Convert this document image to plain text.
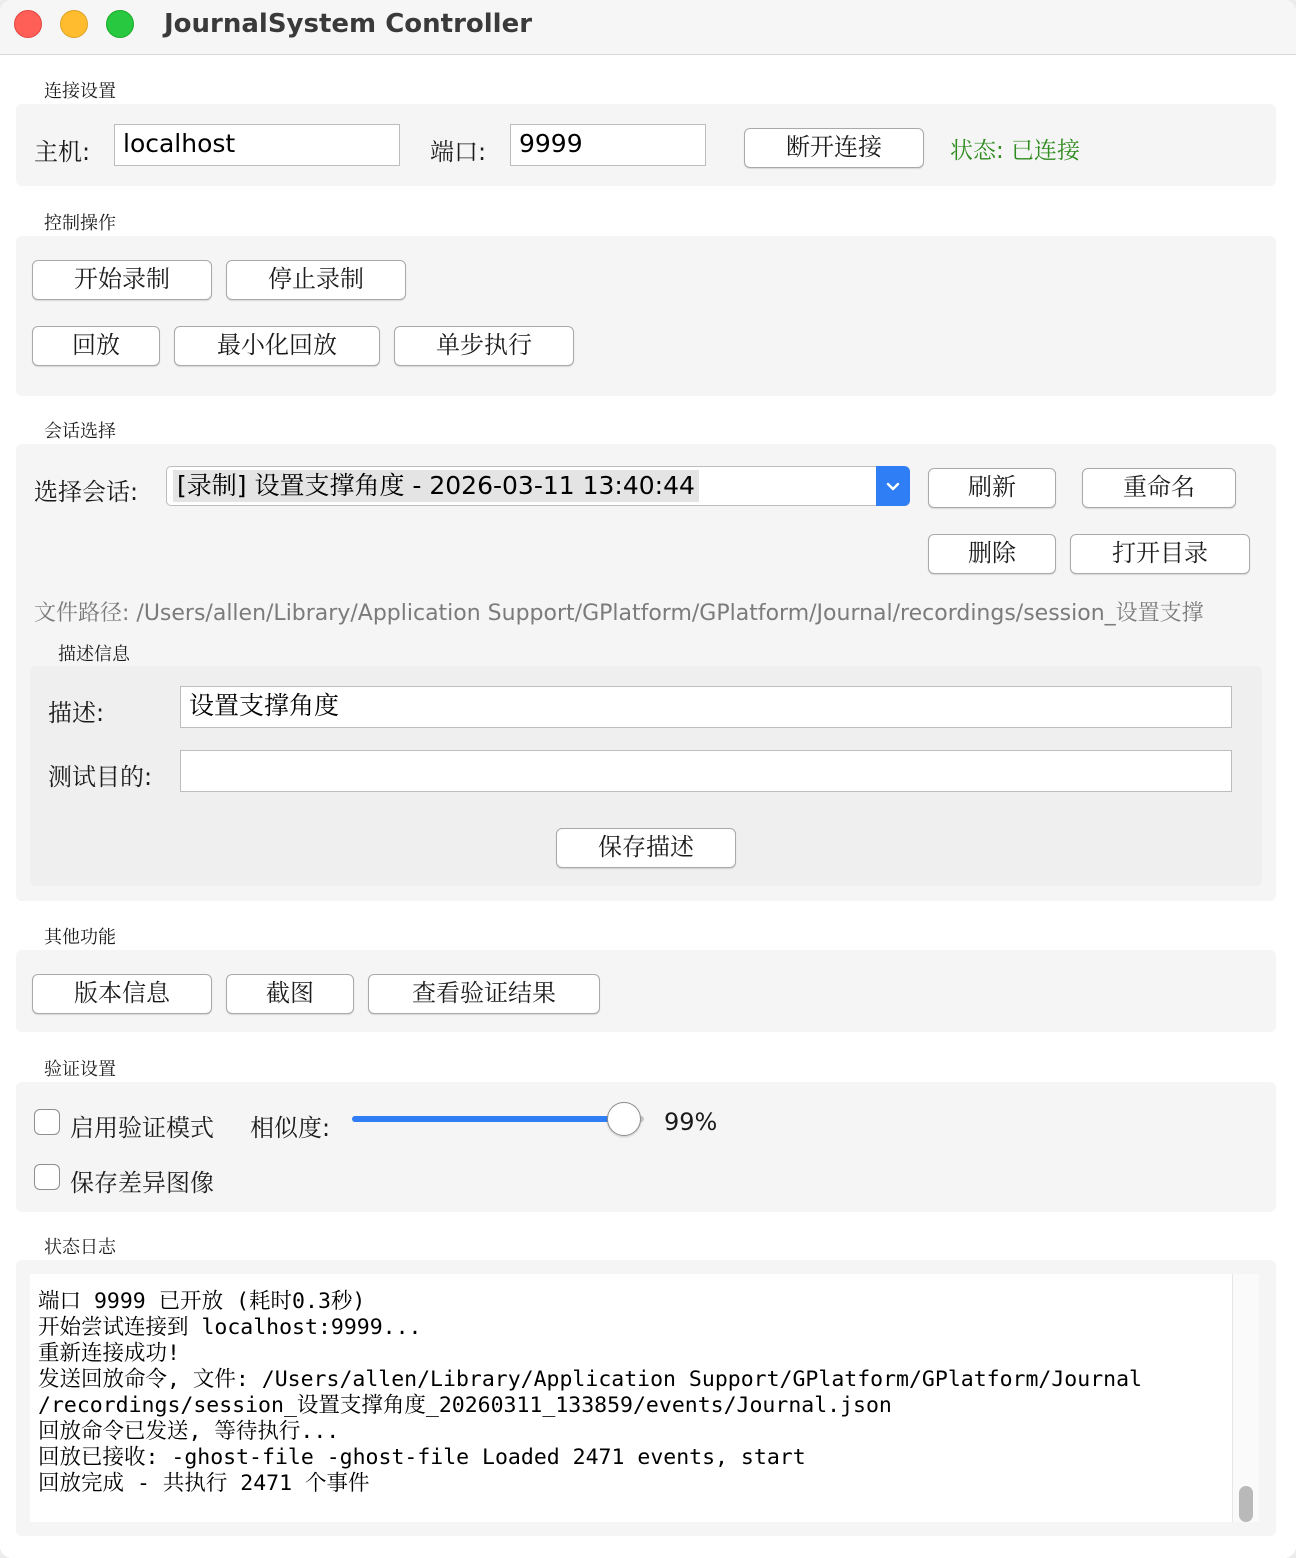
JournalSystem Controller
连接设置
主机:	localhost	端口:	9999	断开连接	状态: 已连接
控制操作
开始录制	停止录制
回放	最小化回放	单步执行
会话选择
选择会话: [录制] 设置支撑角度 - 2026-03-11 13:40:44	刷新	重命名
删除	打开目录
文件路径: /Users/allen/Library/Application Support/GPlatform/GPlatform/Journal/recordings/session_设置支撑
描述信息
描述:	设置支撑角度
测试目的:
保存描述
其他功能
版本信息	截图	查看验证结果
验证设置
启用验证模式 相似度:	99%
保存差异图像
状态日志
端口 9999 已开放 (耗时0.3秒)
开始尝试连接到 localhost:9999...
重新连接成功!
发送回放命令, 文件: /Users/allen/Library/Application Support/GPlatform/GPlatform/Journal
/recordings/session_设置支撑角度_20260311_133859/events/Journal.json
回放命令已发送, 等待执行...
回放已接收: -ghost-file -ghost-file Loaded 2471 events, start
回放完成 - 共执行 2471 个事件
